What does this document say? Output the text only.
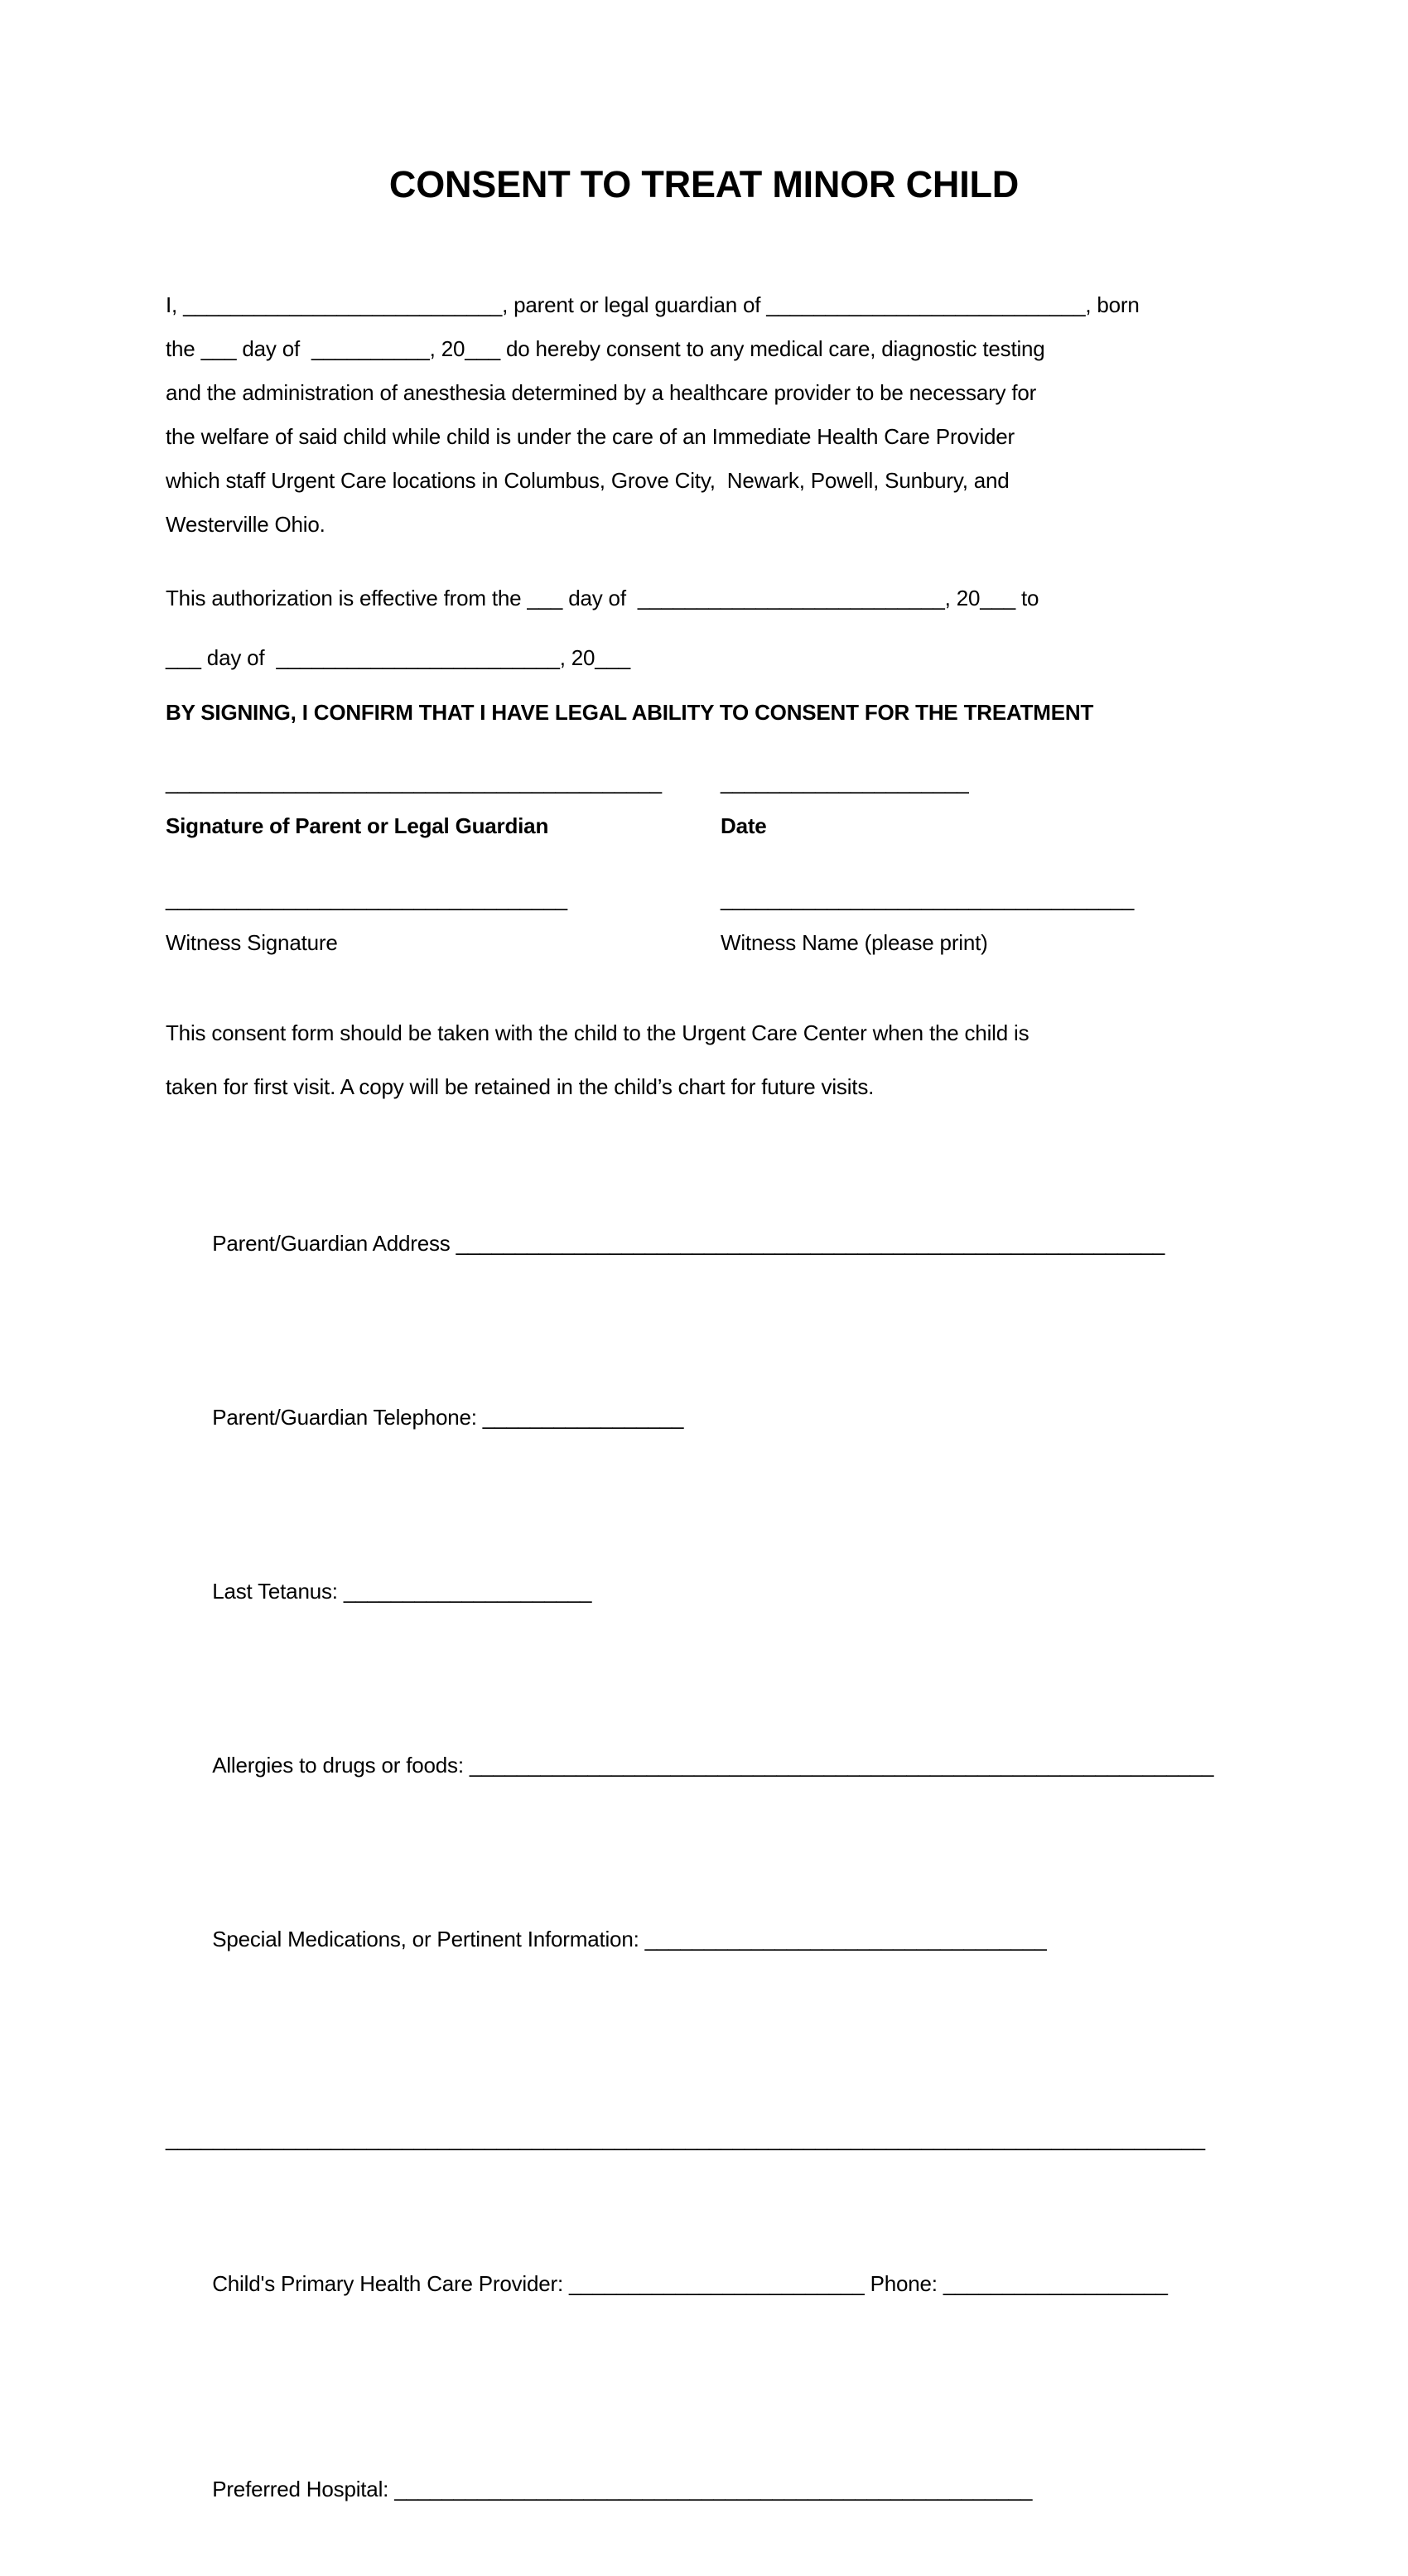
CONSENT TO TREAT MINOR CHILD
I, ___________________________, parent or legal guardian of ___________________________, born
the ___ day of  __________, 20___ do hereby consent to any medical care, diagnostic testing
and the administration of anesthesia determined by a healthcare provider to be necessary for
the welfare of said child while child is under the care of an Immediate Health Care Provider
which staff Urgent Care locations in Columbus, Grove City,  Newark, Powell, Sunbury, and
Westerville Ohio.
This authorization is effective from the ___ day of  __________________________, 20___ to
___ day of  ________________________, 20___
BY SIGNING, I CONFIRM THAT I HAVE LEGAL ABILITY TO CONSENT FOR THE TREATMENT
__________________________________________	_____________________
Signature of Parent or Legal Guardian	Date
__________________________________	___________________________________
Witness Signature	Witness Name (please print)
This consent form should be taken with the child to the Urgent Care Center when the child is
taken for first visit. A copy will be retained in the child’s chart for future visits.

Parent/Guardian Address ____________________________________________________________

Parent/Guardian Telephone: _________________

Last Tetanus: _____________________

Allergies to drugs or foods: _______________________________________________________________

Special Medications, or Pertinent Information: __________________________________

________________________________________________________________________________________

Child's Primary Health Care Provider: _________________________ Phone: ___________________

Preferred Hospital: ______________________________________________________
